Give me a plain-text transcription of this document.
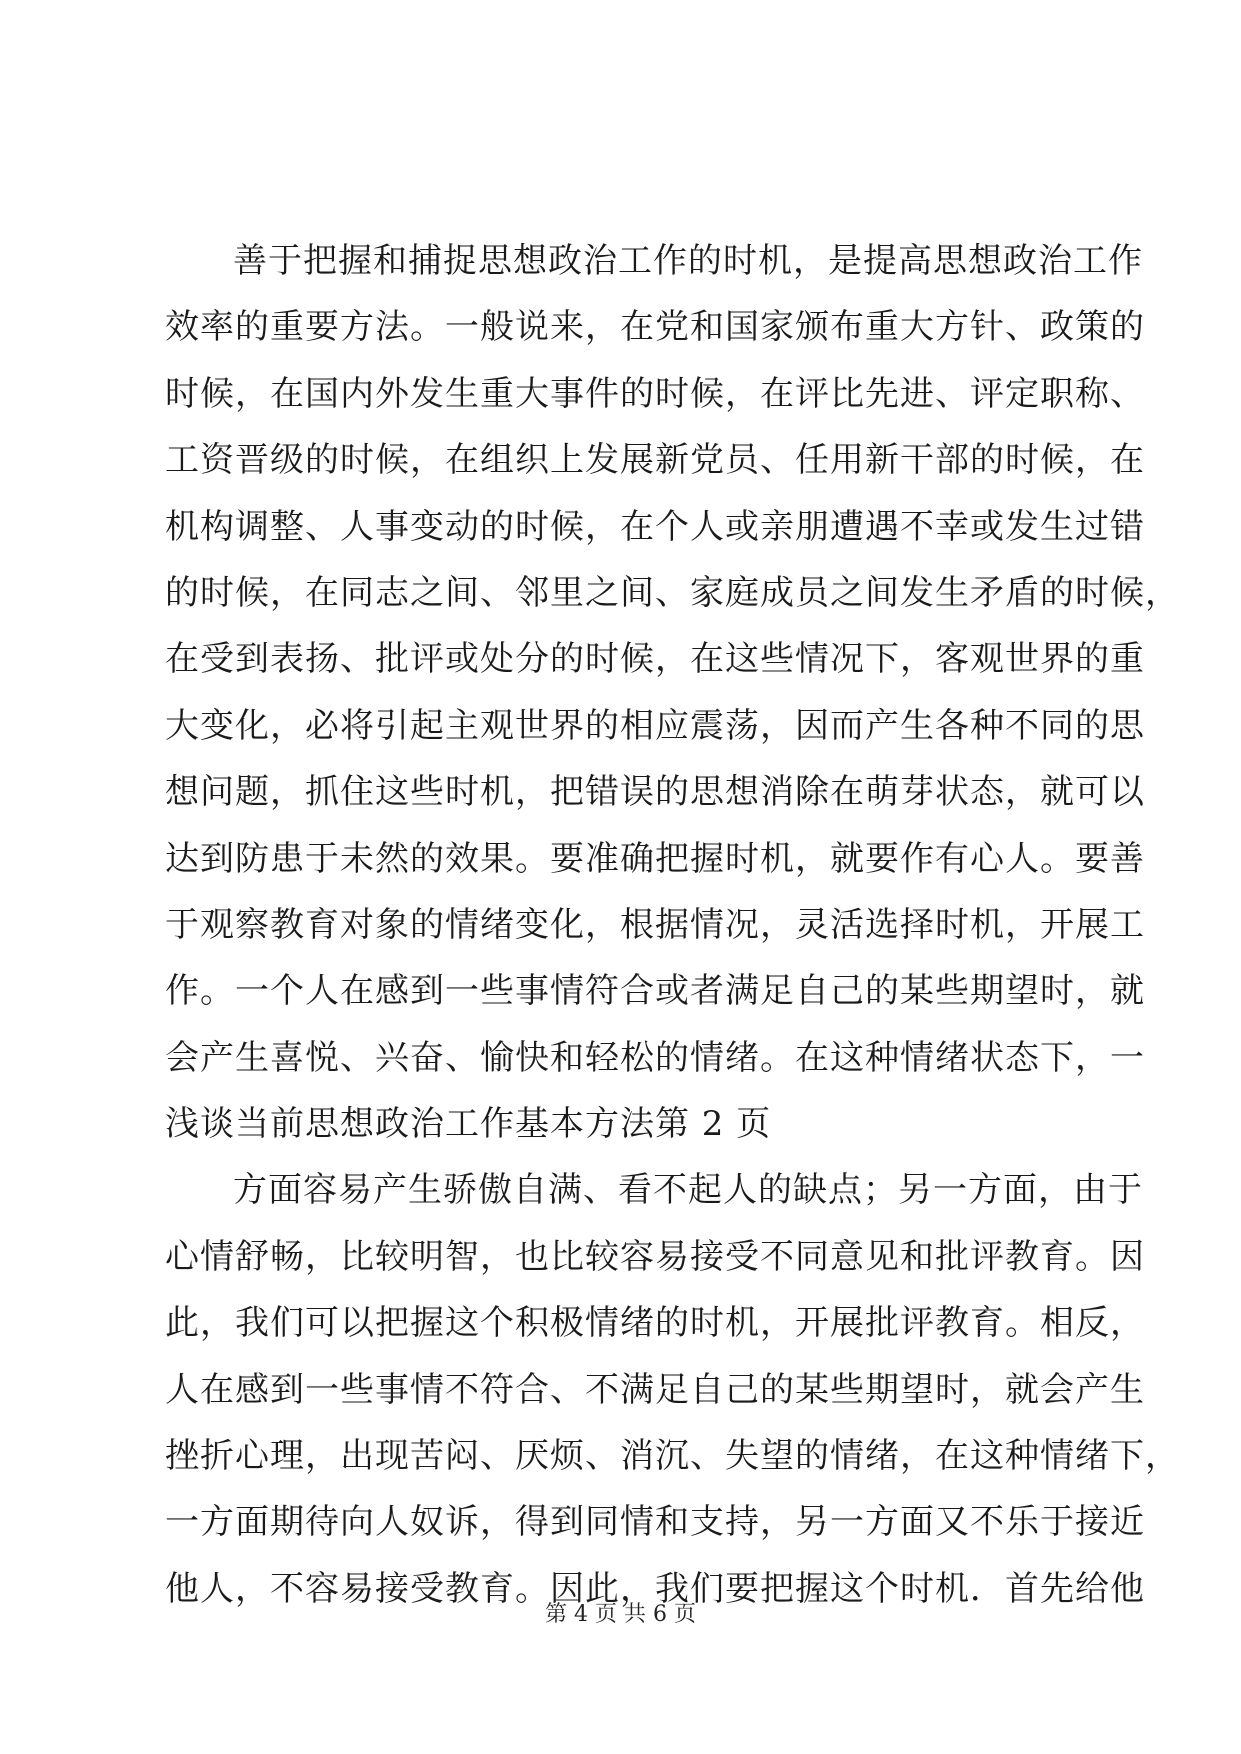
善于把握和捕捉思想政治工作的时机，是提高思想政治工作
效率的重要方法。一般说来，在党和国家颁布重大方针、政策的
时候，在国内外发生重大事件的时候，在评比先进、评定职称、
工资晋级的时候，在组织上发展新党员、任用新干部的时候，在
机构调整、人事变动的时候，在个人或亲朋遭遇不幸或发生过错
的时候，在同志之间、邻里之间、家庭成员之间发生矛盾的时候，
在受到表扬、批评或处分的时候，在这些情况下，客观世界的重
大变化，必将引起主观世界的相应震荡，因而产生各种不同的思
想问题，抓住这些时机，把错误的思想消除在萌芽状态，就可以
达到防患于未然的效果。要准确把握时机，就要作有心人。要善
于观察教育对象的情绪变化，根据情况，灵活选择时机，开展工
作。一个人在感到一些事情符合或者满足自己的某些期望时，就
会产生喜悦、兴奋、愉快和轻松的情绪。在这种情绪状态下，一
浅谈当前思想政治工作基本方法第 2 页
方面容易产生骄傲自满、看不起人的缺点；另一方面，由于
心情舒畅，比较明智，也比较容易接受不同意见和批评教育。因
此，我们可以把握这个积极情绪的时机，开展批评教育。相反，
人在感到一些事情不符合、不满足自己的某些期望时，就会产生
挫折心理，出现苦闷、厌烦、消沉、失望的情绪，在这种情绪下，
一方面期待向人奴诉，得到同情和支持，另一方面又不乐于接近
他人，不容易接受教育。因此，我们要把握这个时机．首先给他
第 4 页 共 6 页
